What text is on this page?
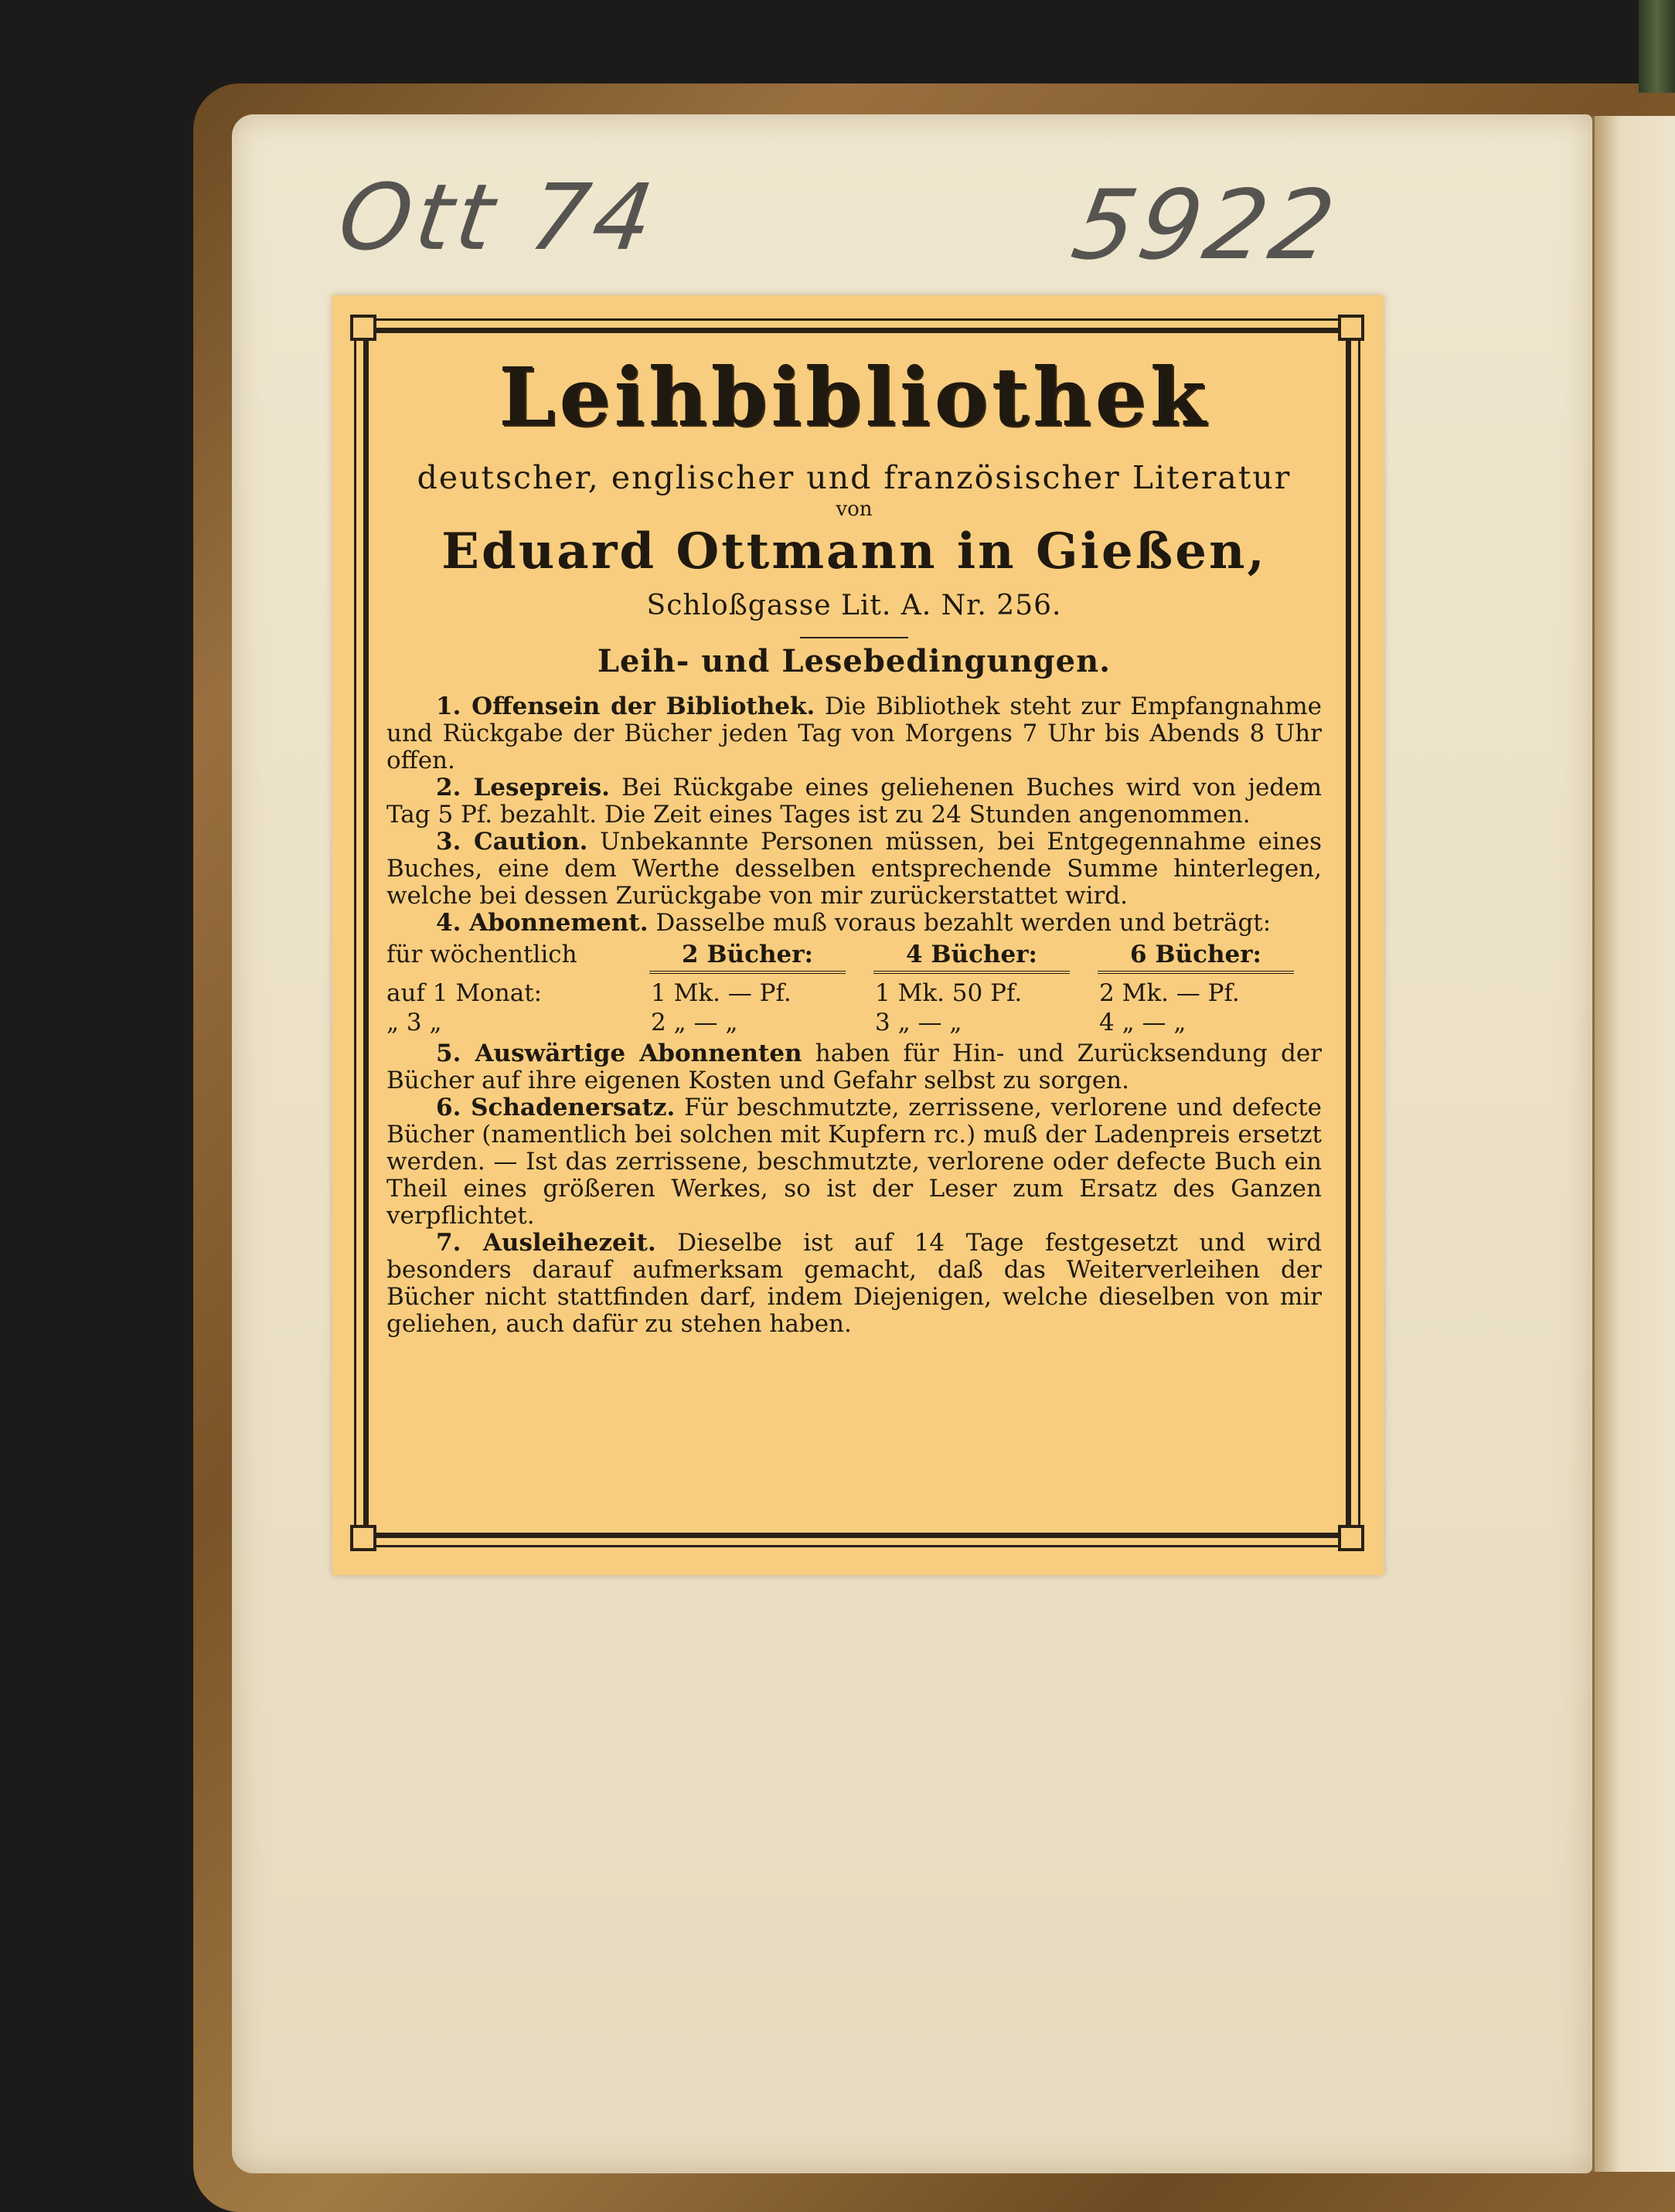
Ott 74	5922
Leihbibliothek
deutscher, englischer und französischer Literatur
von
Eduard Ottmann in Gießen,
Schloßgasse Lit. A. Nr. 256.
Leih- und Lesebedingungen.

1. Offensein der Bibliothek. Die Bibliothek steht zur Empfangnahme und Rückgabe der Bücher jeden Tag von Morgens 7 Uhr bis Abends 8 Uhr offen.

2. Lesepreis. Bei Rückgabe eines geliehenen Buches wird von jedem Tag 5 Pf. bezahlt. Die Zeit eines Tages ist zu 24 Stunden angenommen.

3. Caution. Unbekannte Personen müssen, bei Entgegennahme eines Buches, eine dem Werthe desselben entsprechende Summe hinterlegen, welche bei dessen Zurückgabe von mir zurückerstattet wird.

4. Abonnement. Dasselbe muß voraus bezahlt werden und beträgt:

für wöchentlich	2 Bücher:	4 Bücher:	6 Bücher:
auf 1 Monat:	1 Mk. — Pf.	1 Mk. 50 Pf.	2 Mk. — Pf.
„ 3 „	2 „ — „	3 „ — „	4 „ — „

5. Auswärtige Abonnenten haben für Hin- und Zurücksendung der Bücher auf ihre eigenen Kosten und Gefahr selbst zu sorgen.

6. Schadenersatz. Für beschmutzte, zerrissene, verlorene und defecte Bücher (namentlich bei solchen mit Kupfern rc.) muß der Ladenpreis ersetzt werden. — Ist das zerrissene, beschmutzte, verlorene oder defecte Buch ein Theil eines größeren Werkes, so ist der Leser zum Ersatz des Ganzen verpflichtet.

7. Ausleihezeit. Dieselbe ist auf 14 Tage festgesetzt und wird besonders darauf aufmerksam gemacht, daß das Weiterverleihen der Bücher nicht stattfinden darf, indem Diejenigen, welche dieselben von mir geliehen, auch dafür zu stehen haben.
